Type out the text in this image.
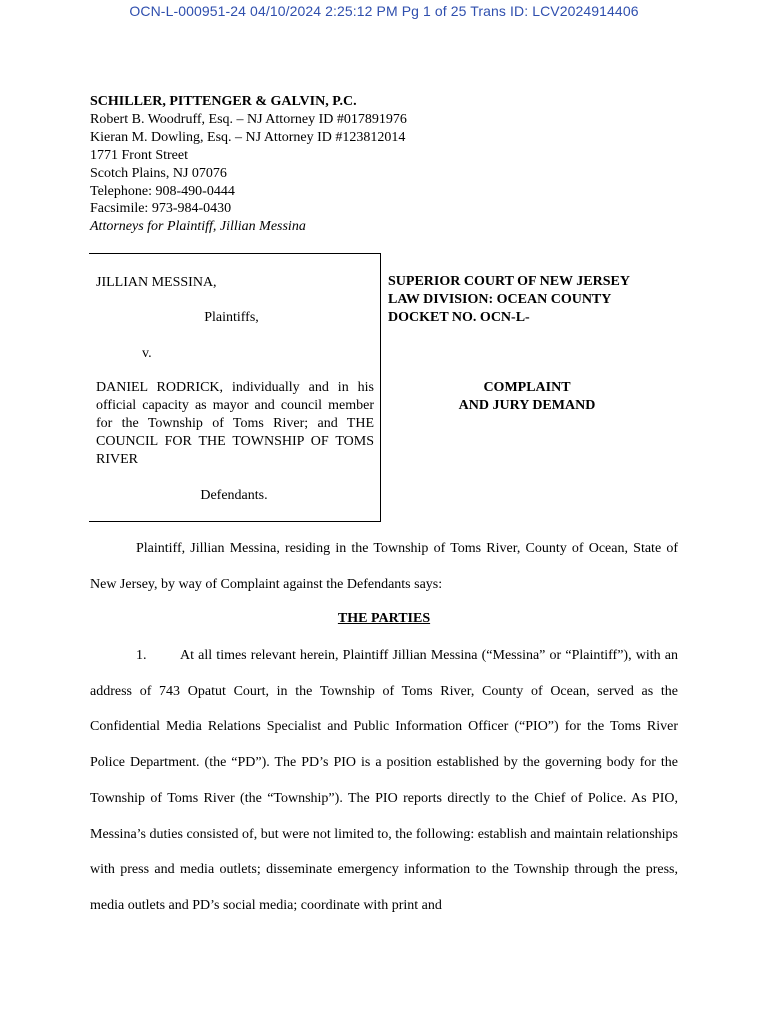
OCN-L-000951-24 04/10/2024 2:25:12 PM Pg 1 of 25 Trans ID: LCV2024914406
SCHILLER, PITTENGER & GALVIN, P.C.
Robert B. Woodruff, Esq. – NJ Attorney ID #017891976
Kieran M. Dowling, Esq. – NJ Attorney ID #123812014
1771 Front Street
Scotch Plains, NJ 07076
Telephone: 908-490-0444
Facsimile: 973-984-0430
Attorneys for Plaintiff, Jillian Messina
JILLIAN MESSINA,
Plaintiffs,
v.
DANIEL RODRICK, individually and in his official capacity as mayor and council member for the Township of Toms River; and THE COUNCIL FOR THE TOWNSHIP OF TOMS RIVER
Defendants.
SUPERIOR COURT OF NEW JERSEY
LAW DIVISION: OCEAN COUNTY
DOCKET NO. OCN-L-
COMPLAINT
AND JURY DEMAND

Plaintiff, Jillian Messina, residing in the Township of Toms River, County of Ocean, State of New Jersey, by way of Complaint against the Defendants says:

THE PARTIES

1. At all times relevant herein, Plaintiff Jillian Messina (“Messina” or “Plaintiff”), with an address of 743 Opatut Court, in the Township of Toms River, County of Ocean, served as the Confidential Media Relations Specialist and Public Information Officer (“PIO”) for the Toms River Police Department. (the “PD”). The PD’s PIO is a position established by the governing body for the Township of Toms River (the “Township”). The PIO reports directly to the Chief of Police. As PIO, Messina’s duties consisted of, but were not limited to, the following: establish and maintain relationships with press and media outlets; disseminate emergency information to the Township through the press, media outlets and PD’s social media; coordinate with print and
